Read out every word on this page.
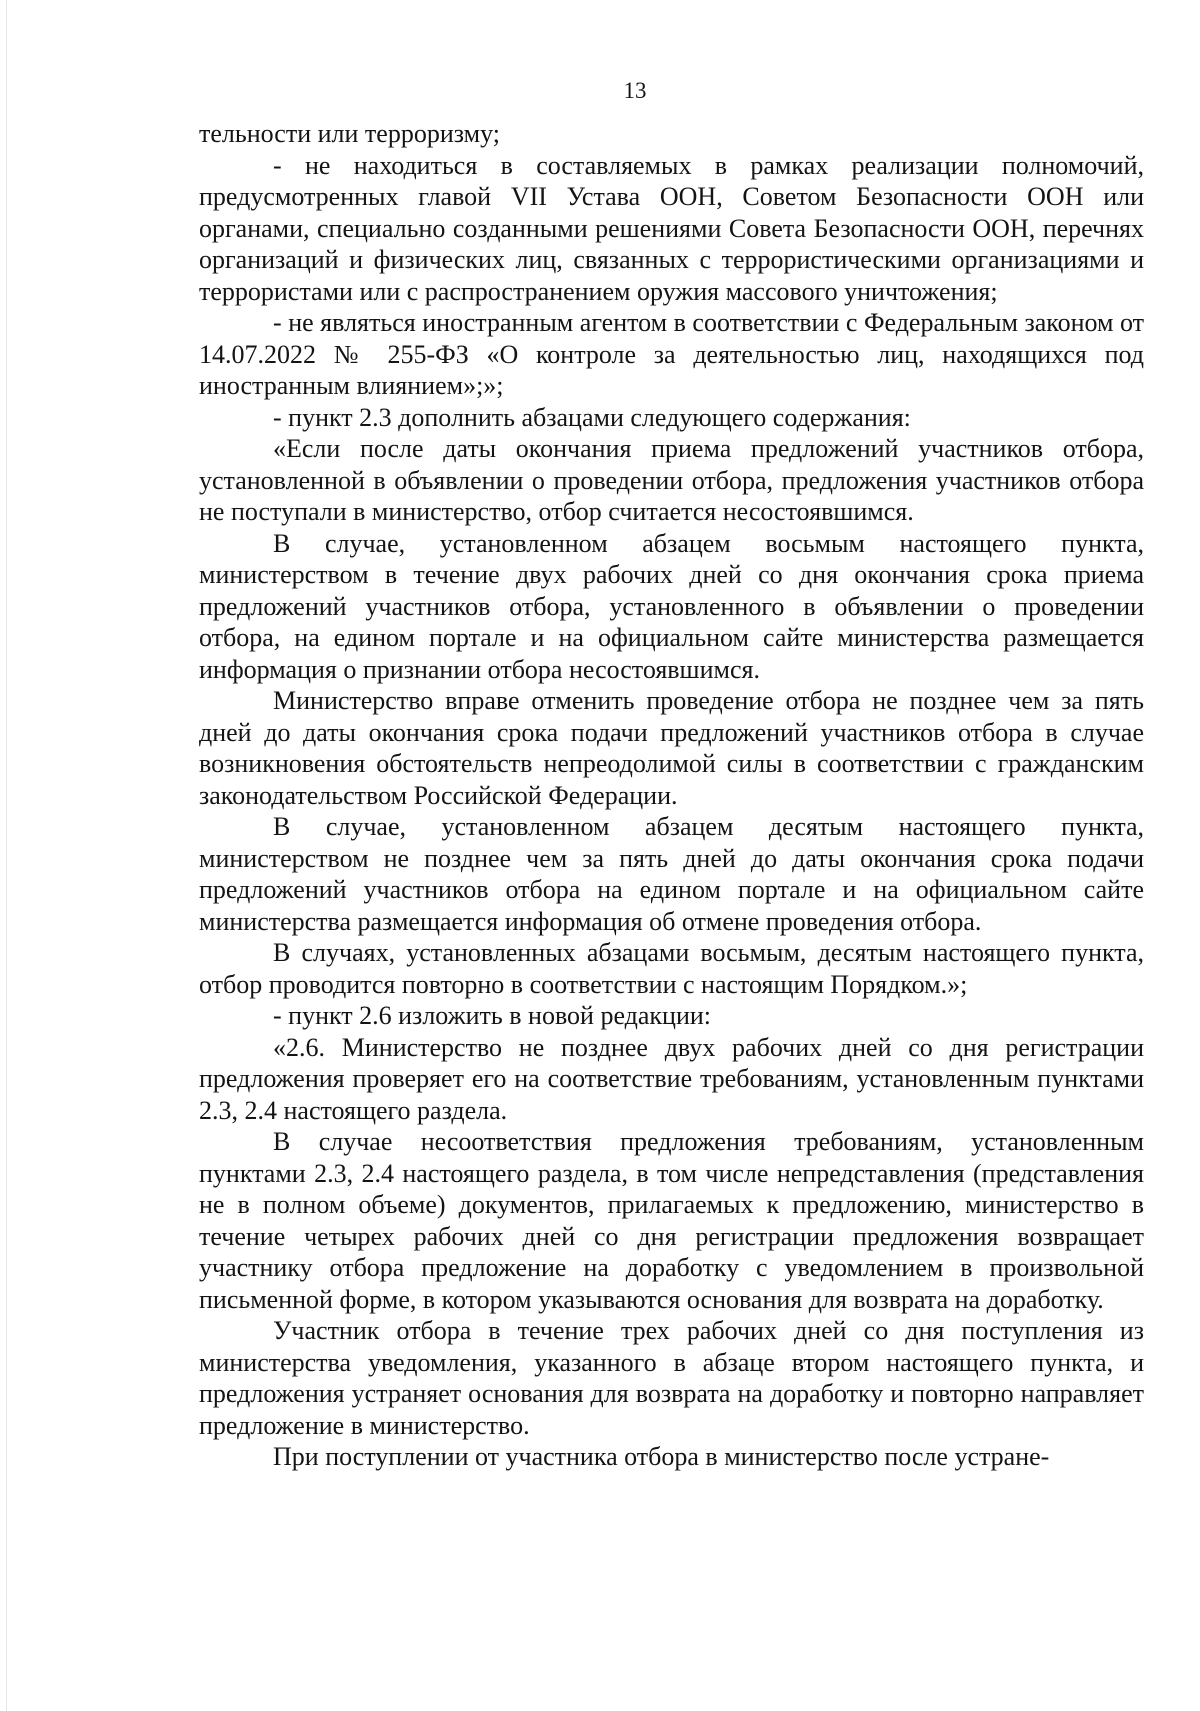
13

тельности или терроризму;

- не находиться в составляемых в рамках реализации полномочий, предусмотренных главой VII Устава ООН, Советом Безопасности ООН или органами, специально созданными решениями Совета Безопасности ООН, перечнях организаций и физических лиц, связанных с террористическими организациями и террористами или с распространением оружия массового уничтожения;

- не являться иностранным агентом в соответствии с Федеральным законом от 14.07.2022 № 255-ФЗ «О контроле за деятельностью лиц, находящихся под иностранным влиянием»;»;

- пункт 2.3 дополнить абзацами следующего содержания:

«Если после даты окончания приема предложений участников отбора, установленной в объявлении о проведении отбора, предложения участников отбора не поступали в министерство, отбор считается несостоявшимся.

В случае, установленном абзацем восьмым настоящего пункта, министерством в течение двух рабочих дней со дня окончания срока приема предложений участников отбора, установленного в объявлении о проведении отбора, на едином портале и на официальном сайте министерства размещается информация о признании отбора несостоявшимся.

Министерство вправе отменить проведение отбора не позднее чем за пять дней до даты окончания срока подачи предложений участников отбора в случае возникновения обстоятельств непреодолимой силы в соответствии с гражданским законодательством Российской Федерации.

В случае, установленном абзацем десятым настоящего пункта, министерством не позднее чем за пять дней до даты окончания срока подачи предложений участников отбора на едином портале и на официальном сайте министерства размещается информация об отмене проведения отбора.

В случаях, установленных абзацами восьмым, десятым настоящего пункта, отбор проводится повторно в соответствии с настоящим Порядком.»;

- пункт 2.6 изложить в новой редакции:

«2.6. Министерство не позднее двух рабочих дней со дня регистрации предложения проверяет его на соответствие требованиям, установленным пунктами 2.3, 2.4 настоящего раздела.

В случае несоответствия предложения требованиям, установленным пунктами 2.3, 2.4 настоящего раздела, в том числе непредставления (представления не в полном объеме) документов, прилагаемых к предложению, министерство в течение четырех рабочих дней со дня регистрации предложения возвращает участнику отбора предложение на доработку с уведомлением в произвольной письменной форме, в котором указываются основания для возврата на доработку.

Участник отбора в течение трех рабочих дней со дня поступления из министерства уведомления, указанного в абзаце втором настоящего пункта, и предложения устраняет основания для возврата на доработку и повторно направляет предложение в министерство.

При поступлении от участника отбора в министерство после устране-
